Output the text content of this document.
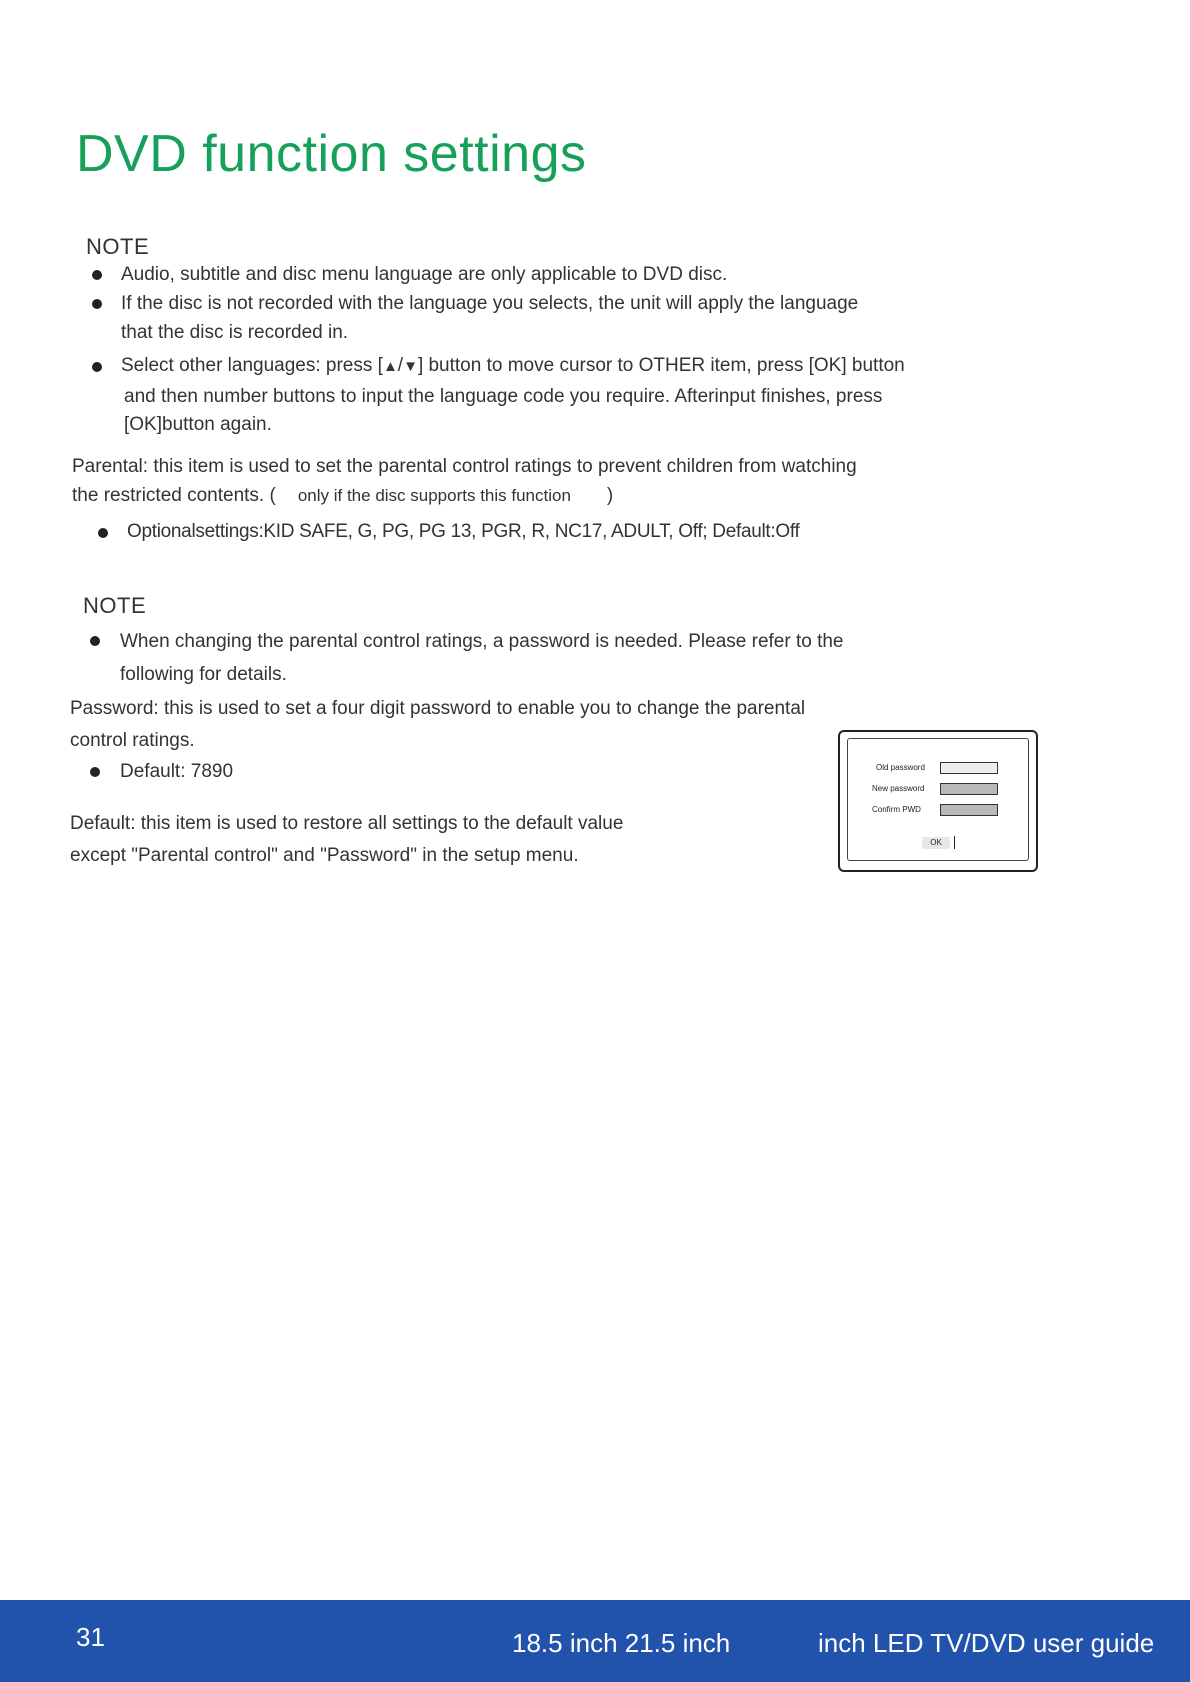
DVD function settings
NOTE
Audio, subtitle and disc menu language are only applicable to DVD disc.
If the disc is not recorded with the language you selects, the unit will apply the language
that the disc is recorded in.
Select other languages: press [▲/▼] button to move cursor to OTHER item, press [OK] button
and then number buttons to input the language code you require. Afterinput finishes, press
[OK]button again.
Parental: this item is used to set the parental control ratings to prevent children from watching
the restricted contents. ( only if the disc supports this function )
Optionalsettings:KID SAFE, G, PG, PG 13, PGR, R, NC17, ADULT, Off; Default:Off
NOTE
When changing the parental control ratings, a password is needed. Please refer to the
following for details.
Password: this is used to set a four digit password to enable you to change the parental
control ratings.
Default: 7890
Default: this item is used to restore all settings to the default value
except "Parental control" and "Password" in the setup menu.
Old password
New password
Confirm PWD
OK
31	18.5 inch 21.5 inch	inch LED TV/DVD user guide
